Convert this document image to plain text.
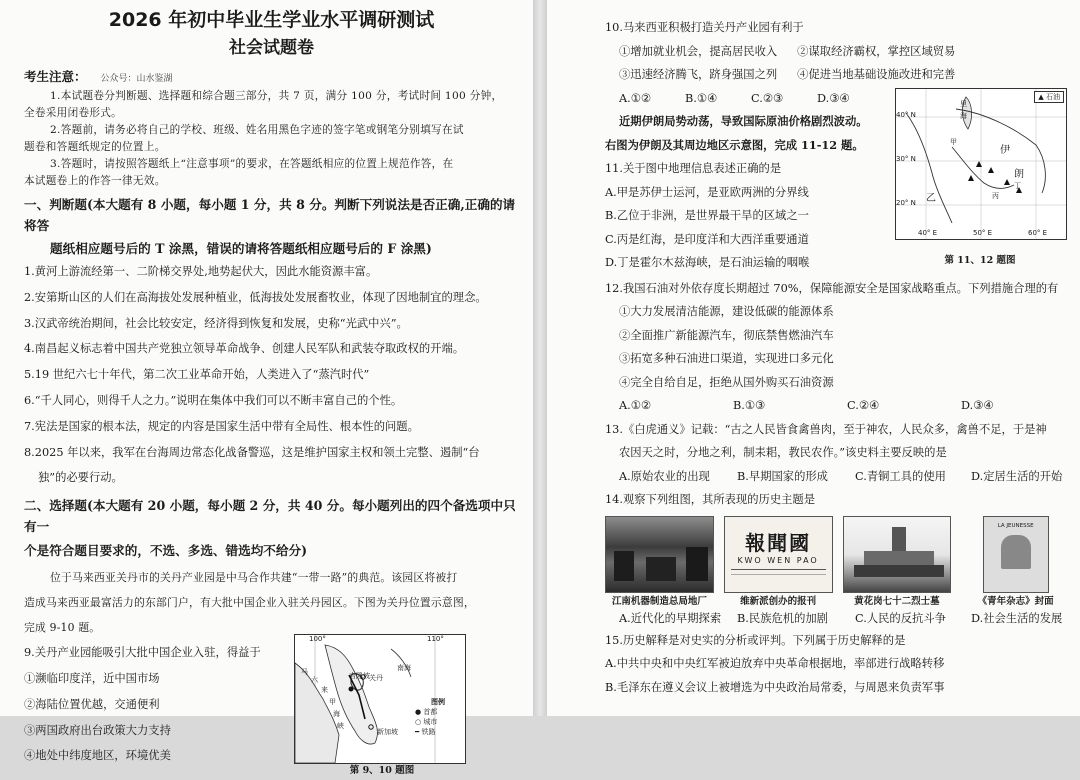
2026 年初中毕业生学业水平调研测试
社会试题卷
考生注意： 公众号：山水鉴湖

1.本试题卷分判断题、选择题和综合题三部分，共 7 页，满分 100 分，考试时间 100 分钟，

全卷采用闭卷形式。

2.答题前，请务必将自己的学校、班级、姓名用黑色字迹的签字笔或钢笔分别填写在试

题卷和答题纸规定的位置上。

3.答题时，请按照答题纸上“注意事项”的要求，在答题纸相应的位置上规范作答，在

本试题卷上的作答一律无效。

一、判断题(本大题有 8 小题，每小题 1 分，共 8 分。判断下列说法是否正确,正确的请将答
题纸相应题号后的 T 涂黑，错误的请将答题纸相应题号后的 F 涂黑)

1.黄河上游流经第一、二阶梯交界处,地势起伏大，因此水能资源丰富。

2.安第斯山区的人们在高海拔处发展种植业，低海拔处发展畜牧业，体现了因地制宜的理念。

3.汉武帝统治期间，社会比较安定，经济得到恢复和发展，史称“光武中兴”。

4.南昌起义标志着中国共产党独立领导革命战争、创建人民军队和武装夺取政权的开端。

5.19 世纪六七十年代，第二次工业革命开始，人类进入了“蒸汽时代”

6.“千人同心，则得千人之力。”说明在集体中我们可以不断丰富自己的个性。

7.宪法是国家的根本法，规定的内容是国家生活中带有全局性、根本性的问题。

8.2025 年以来，我军在台海周边常态化战备警巡，这是维护国家主权和领土完整、遏制“台

独”的必要行动。

二、选择题(本大题有 20 小题，每小题 2 分，共 40 分。每小题列出的四个备选项中只有一
个是符合题目要求的，不选、多选、错选均不给分)

位于马来西亚关丹市的关丹产业园是中马合作共建“一带一路”的典范。该园区将被打

造成马来西亚最富活力的东部门户，有大批中国企业入驻关丹园区。下图为关丹位置示意图，

完成 9-10 题。

9.关丹产业园能吸引大批中国企业入驻，得益于

①濒临印度洋，近中国市场

②海陆位置优越，交通便利

③两国政府出台政策大力支持

④地处中纬度地区，环境优美

100°	110°
马
六
来
甲
海
吉隆坡 关丹
南海
新加坡
峡
图例
● 首都
○ 城市
━ 铁路
第 9、10 题图

10.马来西亚积极打造关丹产业园有利于

①增加就业机会，提高居民收入 ②谋取经济霸权，掌控区域贸易

③迅速经济腾飞，跻身强国之列 ④促进当地基础设施改进和完善

A.①②	B.①④	C.②③	D.③④

近期伊朗局势动荡，导致国际原油价格剧烈波动。

右图为伊朗及其周边地区示意图，完成 11-12 题。

11.关于图中地理信息表述正确的是

A.甲是苏伊士运河，是亚欧两洲的分界线

B.乙位于非洲，是世界最干旱的区域之一

C.丙是红海，是印度洋和大西洋重要通道

D.丁是霍尔木兹海峡，是石油运输的咽喉

▲ 石油
里
海
伊
朗
甲
乙	丙
丁
40° N
30° N
20° N
40° E	50° E	60° E
第 11、12 题图

12.我国石油对外依存度长期超过 70%，保障能源安全是国家战略重点。下列措施合理的有

①大力发展清洁能源，建设低碳的能源体系

②全面推广新能源汽车，彻底禁售燃油汽车

③拓宽多种石油进口渠道，实现进口多元化

④完全自给自足，拒绝从国外购买石油资源

A.①②	B.①③	C.②④	D.③④

13.《白虎通义》记载：“古之人民皆食禽兽肉，至于神农，人民众多，禽兽不足，于是神

农因天之时，分地之利，制耒耜，教民农作。”该史料主要反映的是

A.原始农业的出现 B.早期国家的形成 C.青铜工具的使用 D.定居生活的开始

14.观察下列组图，其所表现的历史主题是

江南机器制造总局地厂
報聞國
KWO WEN PAO
维新派创办的报刊	黄花岗七十二烈士墓
LA JEUNESSE
《青年杂志》封面

A.近代化的早期探索 B.民族危机的加剧 C.人民的反抗斗争 D.社会生活的发展

15.历史解释是对史实的分析或评判。下列属于历史解释的是

A.中共中央和中央红军被迫放弃中央革命根据地，率部进行战略转移

B.毛泽东在遵义会议上被增选为中央政治局常委，与周恩来负责军事
